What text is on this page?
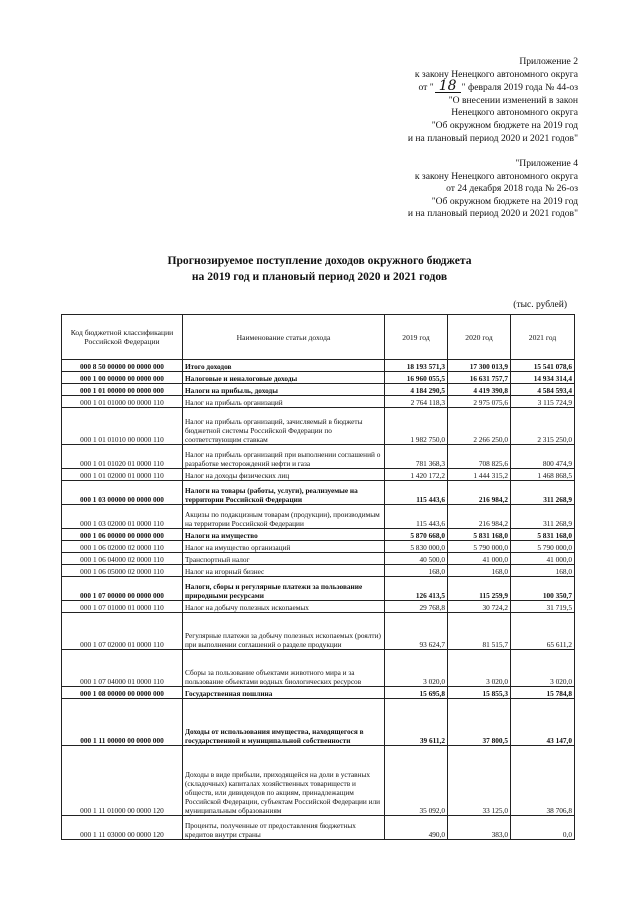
Приложение 2
к закону Ненецкого автономного округа
от " 18 " февраля 2019 года № 44-оз
"О внесении изменений в закон
Ненецкого автономного округа
"Об окружном бюджете на 2019 год
и на плановый период 2020 и 2021 годов"
"Приложение 4
к закону Ненецкого автономного округа
от 24 декабря 2018 года № 26-оз
"Об окружном бюджете на 2019 год
и на плановый период 2020 и 2021 годов"
Прогнозируемое поступление доходов окружного бюджета
на 2019 год и плановый период 2020 и 2021 годов
(тыс. рублей)
Код бюджетной классификации Российской Федерации	Наименование статьи дохода	2019 год	2020 год	2021 год
000 8 50 00000 00 0000 000	Итого доходов	18 193 571,3	17 300 013,9	15 541 078,6
000 1 00 00000 00 0000 000	Налоговые и неналоговые доходы	16 960 055,5	16 631 757,7	14 934 314,4
000 1 01 00000 00 0000 000	Налоги на прибыль, доходы	4 184 290,5	4 419 390,8	4 584 593,4
000 1 01 01000 00 0000 110	Налог на прибыль организаций	2 764 118,3	2 975 075,6	3 115 724,9
000 1 01 01010 00 0000 110	Налог на прибыль организаций, зачисляемый в бюджеты бюджетной системы Российской Федерации по соответствующим ставкам	1 982 750,0	2 266 250,0	2 315 250,0
000 1 01 01020 01 0000 110	Налог на прибыль организаций при выполнении соглашений о разработке месторождений нефти и газа	781 368,3	708 825,6	800 474,9
000 1 01 02000 01 0000 110	Налог на доходы физических лиц	1 420 172,2	1 444 315,2	1 468 868,5
000 1 03 00000 00 0000 000	Налоги на товары (работы, услуги), реализуемые на территории Российской Федерации	115 443,6	216 984,2	311 268,9
000 1 03 02000 01 0000 110	Акцизы по подакцизным товарам (продукции), производимым на территории Российской Федерации	115 443,6	216 984,2	311 268,9
000 1 06 00000 00 0000 000	Налоги на имущество	5 870 668,0	5 831 168,0	5 831 168,0
000 1 06 02000 02 0000 110	Налог на имущество организаций	5 830 000,0	5 790 000,0	5 790 000,0
000 1 06 04000 02 0000 110	Транспортный налог	40 500,0	41 000,0	41 000,0
000 1 06 05000 02 0000 110	Налог на игорный бизнес	168,0	168,0	168,0
000 1 07 00000 00 0000 000	Налоги, сборы и регулярные платежи за пользование природными ресурсами	126 413,5	115 259,9	100 350,7
000 1 07 01000 01 0000 110	Налог на добычу полезных ископаемых	29 768,8	30 724,2	31 719,5
000 1 07 02000 01 0000 110	Регулярные платежи за добычу полезных ископаемых (роялти) при выполнении соглашений о разделе продукции	93 624,7	81 515,7	65 611,2
000 1 07 04000 01 0000 110	Сборы за пользование объектами животного мира и за пользование объектами водных биологических ресурсов	3 020,0	3 020,0	3 020,0
000 1 08 00000 00 0000 000	Государственная пошлина	15 695,8	15 855,3	15 784,8
000 1 11 00000 00 0000 000	Доходы от использования имущества, находящегося в государственной и муниципальной собственности	39 611,2	37 800,5	43 147,0
000 1 11 01000 00 0000 120	Доходы в виде прибыли, приходящейся на доли в уставных (складочных) капиталах хозяйственных товариществ и обществ, или дивидендов по акциям, принадлежащим Российской Федерации, субъектам Российской Федерации или муниципальным образованиям	35 092,0	33 125,0	38 706,8
000 1 11 03000 00 0000 120	Проценты, полученные от предоставления бюджетных кредитов внутри страны	490,0	383,0	0,0
